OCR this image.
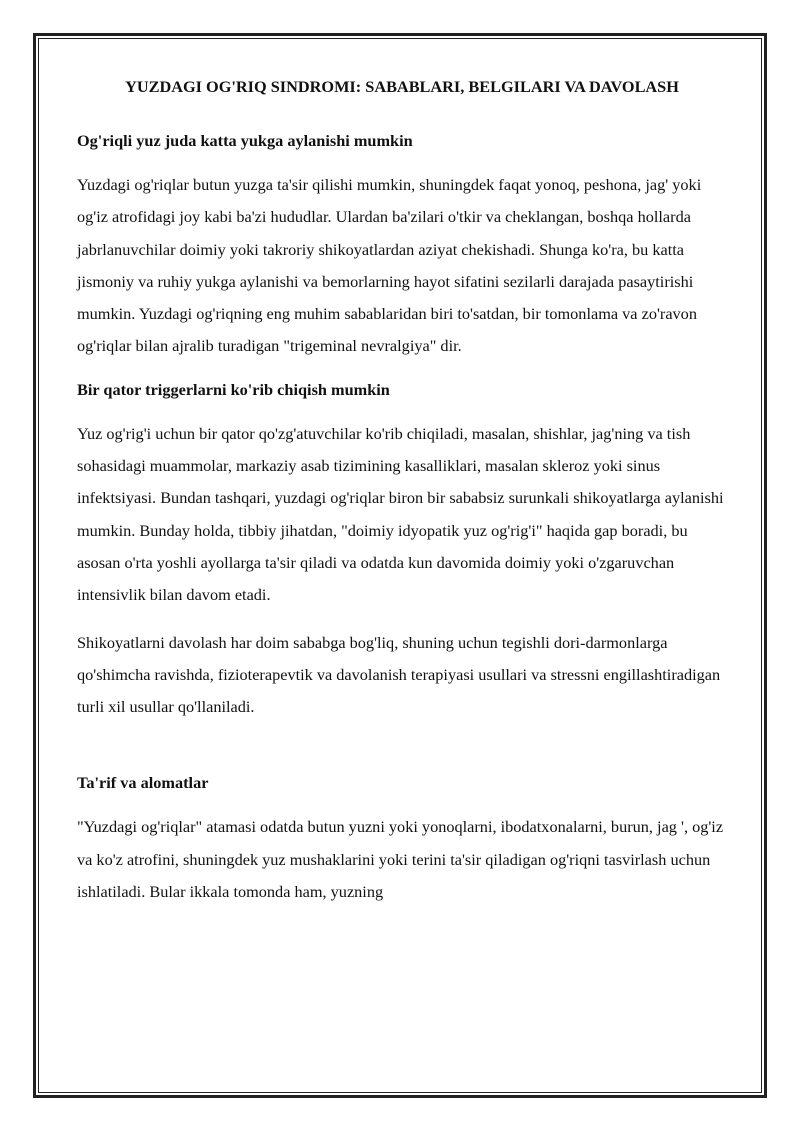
YUZDAGI OG'RIQ SINDROMI: SABABLARI, BELGILARI VA DAVOLASH
Og'riqli yuz juda katta yukga aylanishi mumkin

Yuzdagi og'riqlar butun yuzga ta'sir qilishi mumkin, shuningdek faqat yonoq, peshona, jag' yoki og'iz atrofidagi joy kabi ba'zi hududlar. Ulardan ba'zilari o'tkir va cheklangan, boshqa hollarda jabrlanuvchilar doimiy yoki takroriy shikoyatlardan aziyat chekishadi. Shunga ko'ra, bu katta jismoniy va ruhiy yukga aylanishi va bemorlarning hayot sifatini sezilarli darajada pasaytirishi mumkin. Yuzdagi og'riqning eng muhim sabablaridan biri to'satdan, bir tomonlama va zo'ravon og'riqlar bilan ajralib turadigan "trigeminal nevralgiya" dir.

Bir qator triggerlarni ko'rib chiqish mumkin

Yuz og'rig'i uchun bir qator qo'zg'atuvchilar ko'rib chiqiladi, masalan, shishlar, jag'ning va tish sohasidagi muammolar, markaziy asab tizimining kasalliklari, masalan skleroz yoki sinus infektsiyasi. Bundan tashqari, yuzdagi og'riqlar biron bir sababsiz surunkali shikoyatlarga aylanishi mumkin. Bunday holda, tibbiy jihatdan, "doimiy idyopatik yuz og'rig'i" haqida gap boradi, bu asosan o'rta yoshli ayollarga ta'sir qiladi va odatda kun davomida doimiy yoki o'zgaruvchan intensivlik bilan davom etadi.

Shikoyatlarni davolash har doim sababga bog'liq, shuning uchun tegishli dori-darmonlarga qo'shimcha ravishda, fizioterapevtik va davolanish terapiyasi usullari va stressni engillashtiradigan turli xil usullar qo'llaniladi.

Ta'rif va alomatlar

"Yuzdagi og'riqlar" atamasi odatda butun yuzni yoki yonoqlarni, ibodatxonalarni, burun, jag ', og'iz va ko'z atrofini, shuningdek yuz mushaklarini yoki terini ta'sir qiladigan og'riqni tasvirlash uchun ishlatiladi. Bular ikkala tomonda ham, yuzning
